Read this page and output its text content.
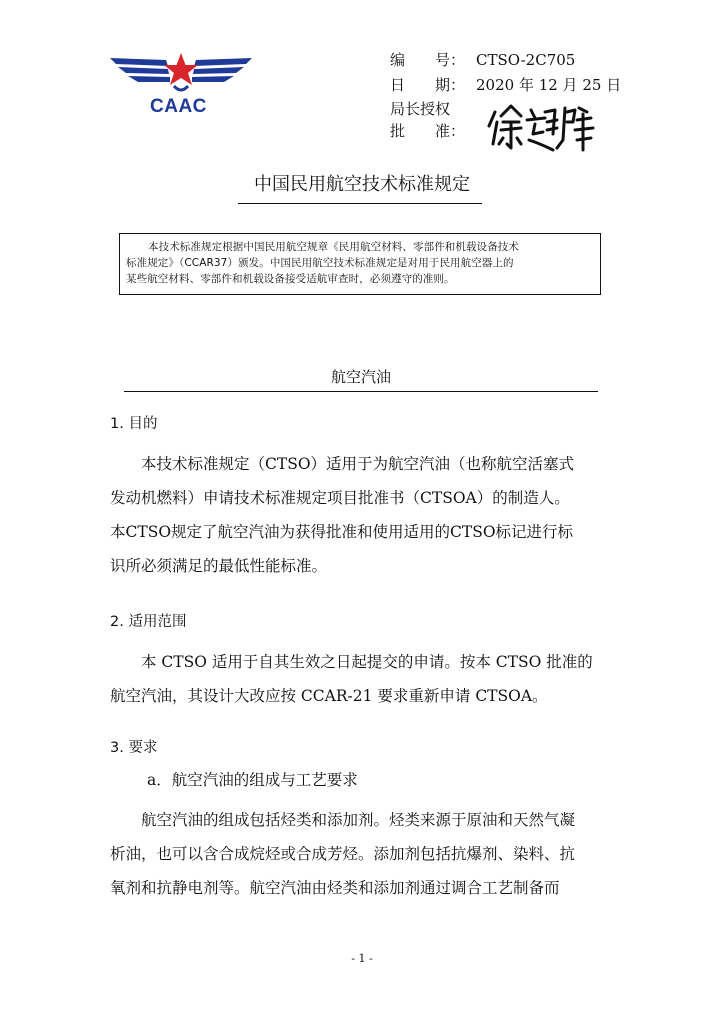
CAAC
编　　号： CTSO-2C705
日　　期： 2020 年 12 月 25 日
局长授权
批　　准：
中国民用航空技术标准规定

本技术标准规定根据中国民用航空规章《民用航空材料、零部件和机载设备技术

标准规定》（CCAR37）颁发。中国民用航空技术标准规定是对用于民用航空器上的

某些航空材料、零部件和机载设备接受适航审查时，必须遵守的准则。

航空汽油
1. 目的
　　本技术标准规定（CTSO）适用于为航空汽油（也称航空活塞式
发动机燃料）申请技术标准规定项目批准书（CTSOA）的制造人。
本CTSO规定了航空汽油为获得批准和使用适用的CTSO标记进行标
识所必须满足的最低性能标准。
2. 适用范围
　　本 CTSO 适用于自其生效之日起提交的申请。按本 CTSO 批准的
航空汽油，其设计大改应按 CCAR-21 要求重新申请 CTSOA。
3. 要求
a．航空汽油的组成与工艺要求
　　航空汽油的组成包括烃类和添加剂。烃类来源于原油和天然气凝
析油，也可以含合成烷烃或合成芳烃。添加剂包括抗爆剂、染料、抗
氧剂和抗静电剂等。航空汽油由烃类和添加剂通过调合工艺制备而
- 1 -
